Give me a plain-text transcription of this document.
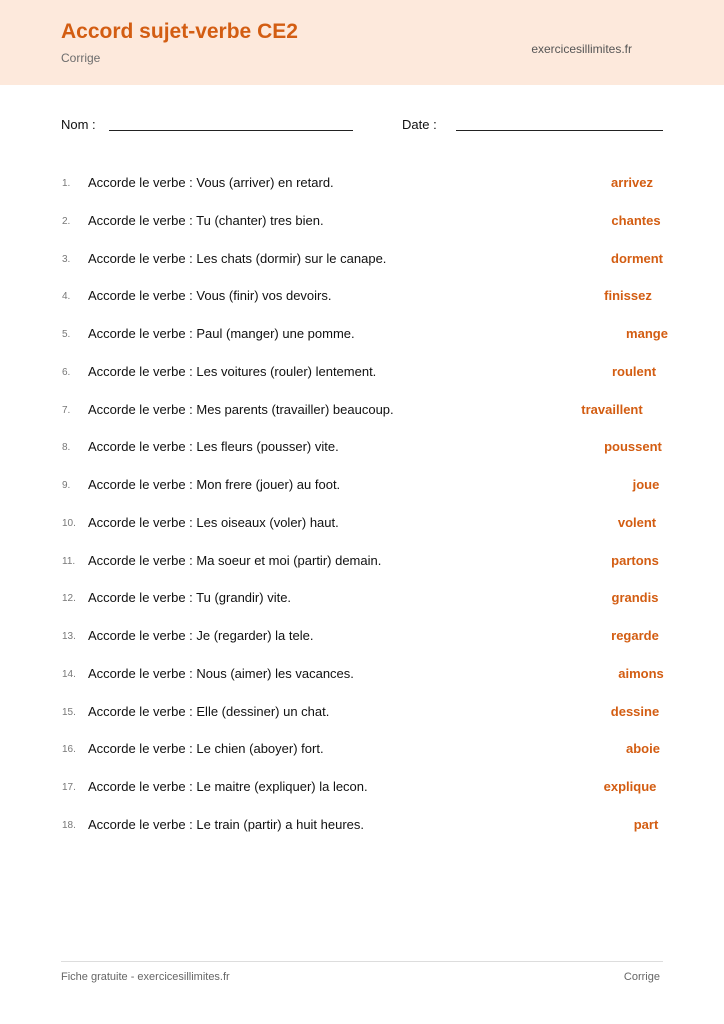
Accord sujet-verbe CE2
Corrige
exercicesillimites.fr
Nom :	Date :
1. Accorde le verbe : Vous (arriver) en retard.	arrivez
2. Accorde le verbe : Tu (chanter) tres bien.	chantes
3. Accorde le verbe : Les chats (dormir) sur le canape.	dorment
4. Accorde le verbe : Vous (finir) vos devoirs.	finissez
5. Accorde le verbe : Paul (manger) une pomme.	mange
6. Accorde le verbe : Les voitures (rouler) lentement.	roulent
7. Accorde le verbe : Mes parents (travailler) beaucoup.	travaillent
8. Accorde le verbe : Les fleurs (pousser) vite.	poussent
9. Accorde le verbe : Mon frere (jouer) au foot.	joue
10. Accorde le verbe : Les oiseaux (voler) haut.	volent
11. Accorde le verbe : Ma soeur et moi (partir) demain.	partons
12. Accorde le verbe : Tu (grandir) vite.	grandis
13. Accorde le verbe : Je (regarder) la tele.	regarde
14. Accorde le verbe : Nous (aimer) les vacances.	aimons
15. Accorde le verbe : Elle (dessiner) un chat.	dessine
16. Accorde le verbe : Le chien (aboyer) fort.	aboie
17. Accorde le verbe : Le maitre (expliquer) la lecon.	explique
18. Accorde le verbe : Le train (partir) a huit heures.	part
Fiche gratuite - exercicesillimites.fr	Corrige
